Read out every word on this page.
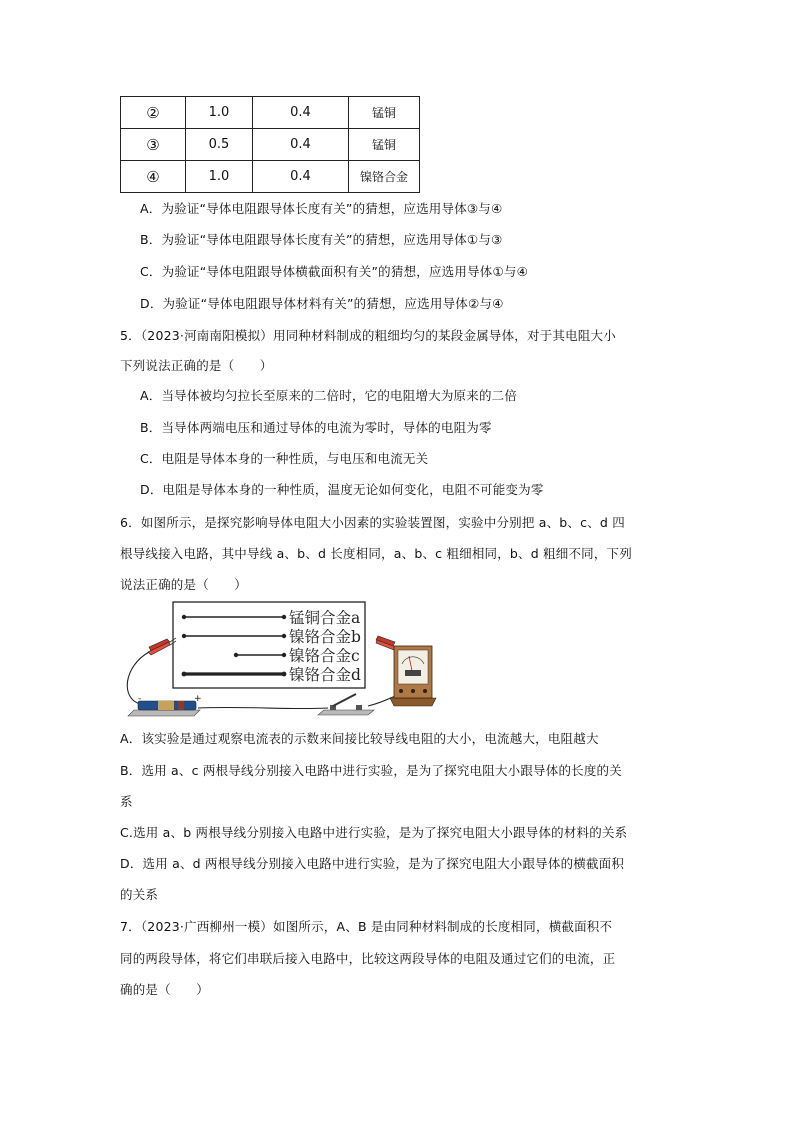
②	1.0	0.4	锰铜
③	0.5	0.4	锰铜
④	1.0	0.4	镍铬合金
A．为验证“导体电阻跟导体长度有关”的猜想，应选用导体③与④
B．为验证“导体电阻跟导体长度有关”的猜想，应选用导体①与③
C．为验证“导体电阻跟导体横截面积有关”的猜想，应选用导体①与④
D．为验证“导体电阻跟导体材料有关”的猜想，应选用导体②与④
5．（2023·河南南阳模拟）用同种材料制成的粗细均匀的某段金属导体，对于其电阻大小
下列说法正确的是（　　）
A．当导体被均匀拉长至原来的二倍时，它的电阻增大为原来的二倍
B．当导体两端电压和通过导体的电流为零时，导体的电阻为零
C．电阻是导体本身的一种性质，与电压和电流无关
D．电阻是导体本身的一种性质，温度无论如何变化，电阻不可能变为零
6．如图所示，是探究影响导体电阻大小因素的实验装置图，实验中分别把 a、b、c、d 四
根导线接入电路，其中导线 a、b、d 长度相同，a、b、c 粗细相同，b、d 粗细不同，下列
说法正确的是（　　）
锰铜合金a
镍铬合金b
镍铬合金c
镍铬合金d
-	+
A．该实验是通过观察电流表的示数来间接比较导线电阻的大小，电流越大，电阻越大
B．选用 a、c 两根导线分别接入电路中进行实验，是为了探究电阻大小跟导体的长度的关
系
C.选用 a、b 两根导线分别接入电路中进行实验，是为了探究电阻大小跟导体的材料的关系
D．选用 a、d 两根导线分别接入电路中进行实验，是为了探究电阻大小跟导体的横截面积
的关系
7．（2023·广西柳州一模）如图所示，A、B 是由同种材料制成的长度相同，横截面积不
同的两段导体，将它们串联后接入电路中，比较这两段导体的电阻及通过它们的电流，正
确的是（　　）
